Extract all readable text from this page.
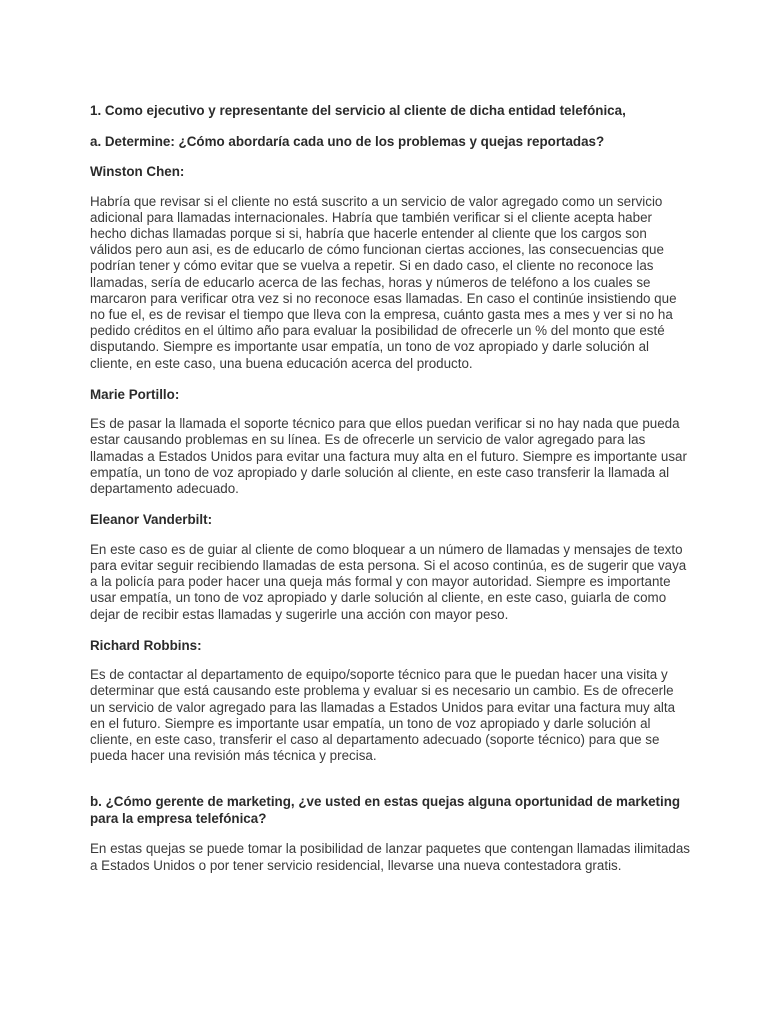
1. Como ejecutivo y representante del servicio al cliente de dicha entidad telefónica,

a. Determine: ¿Cómo abordaría cada uno de los problemas y quejas reportadas?

Winston Chen:

Habría que revisar si el cliente no está suscrito a un servicio de valor agregado como un servicio adicional para llamadas internacionales. Habría que también verificar si el cliente acepta haber hecho dichas llamadas porque si si, habría que hacerle entender al cliente que los cargos son válidos pero aun asi, es de educarlo de cómo funcionan ciertas acciones, las consecuencias que podrían tener y cómo evitar que se vuelva a repetir. Si en dado caso, el cliente no reconoce las llamadas, sería de educarlo acerca de las fechas, horas y números de teléfono a los cuales se marcaron para verificar otra vez si no reconoce esas llamadas. En caso el continúe insistiendo que no fue el, es de revisar el tiempo que lleva con la empresa, cuánto gasta mes a mes y ver si no ha pedido créditos en el último año para evaluar la posibilidad de ofrecerle un % del monto que esté disputando. Siempre es importante usar empatía, un tono de voz apropiado y darle solución al cliente, en este caso, una buena educación acerca del producto.

Marie Portillo:

Es de pasar la llamada el soporte técnico para que ellos puedan verificar si no hay nada que pueda estar causando problemas en su línea. Es de ofrecerle un servicio de valor agregado para las llamadas a Estados Unidos para evitar una factura muy alta en el futuro. Siempre es importante usar empatía, un tono de voz apropiado y darle solución al cliente, en este caso transferir la llamada al departamento adecuado.

Eleanor Vanderbilt:

En este caso es de guiar al cliente de como bloquear a un número de llamadas y mensajes de texto para evitar seguir recibiendo llamadas de esta persona. Si el acoso continúa, es de sugerir que vaya a la policía para poder hacer una queja más formal y con mayor autoridad. Siempre es importante usar empatía, un tono de voz apropiado y darle solución al cliente, en este caso, guiarla de como dejar de recibir estas llamadas y sugerirle una acción con mayor peso.

Richard Robbins:

Es de contactar al departamento de equipo/soporte técnico para que le puedan hacer una visita y determinar que está causando este problema y evaluar si es necesario un cambio. Es de ofrecerle un servicio de valor agregado para las llamadas a Estados Unidos para evitar una factura muy alta en el futuro. Siempre es importante usar empatía, un tono de voz apropiado y darle solución al cliente, en este caso, transferir el caso al departamento adecuado (soporte técnico) para que se pueda hacer una revisión más técnica y precisa.

b. ¿Cómo gerente de marketing, ¿ve usted en estas quejas alguna oportunidad de marketing para la empresa telefónica?

En estas quejas se puede tomar la posibilidad de lanzar paquetes que contengan llamadas ilimitadas a Estados Unidos o por tener servicio residencial, llevarse una nueva contestadora gratis.
